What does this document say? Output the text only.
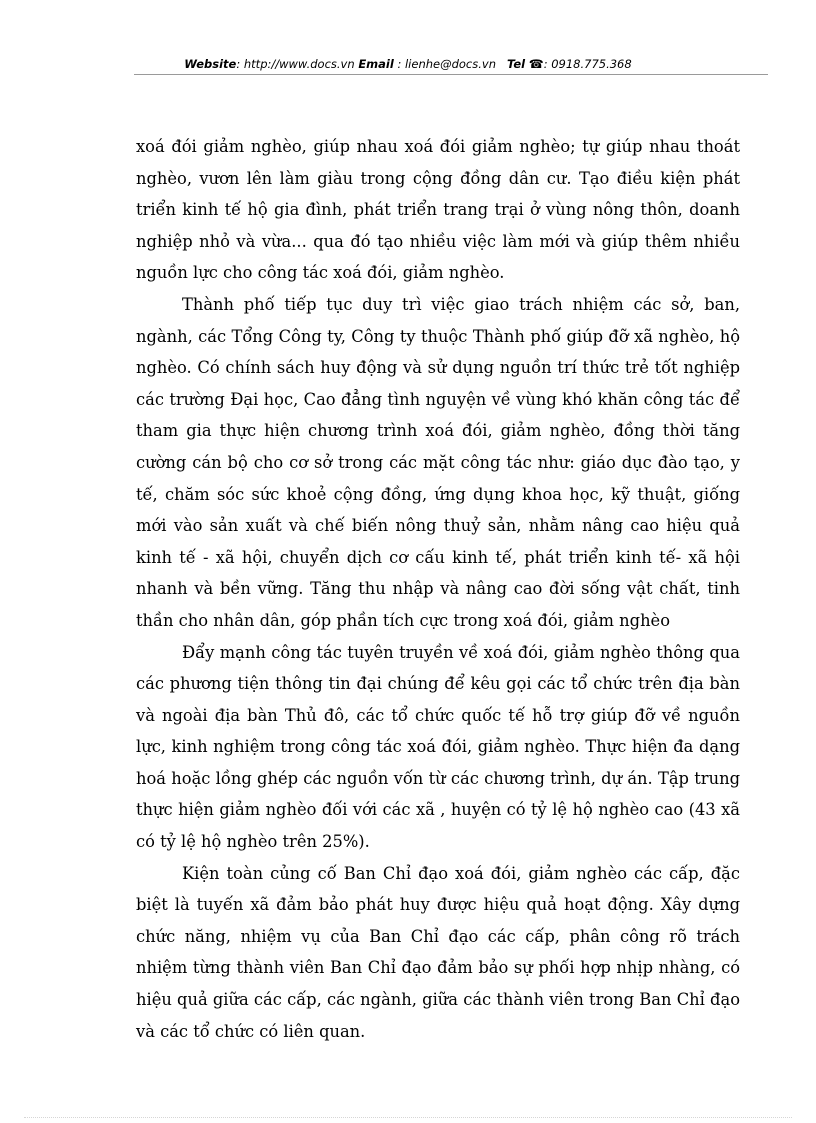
Website: http://www.docs.vn Email : lienhe@docs.vn Tel ☎: 0918.775.368

xoá đói giảm nghèo, giúp nhau xoá đói giảm nghèo; tự giúp nhau thoát nghèo, vươn lên làm giàu trong cộng đồng dân cư. Tạo điều kiện phát triển kinh tế hộ gia đình, phát triển trang trại ở vùng nông thôn, doanh nghiệp nhỏ và vừa... qua đó tạo nhiều việc làm mới và giúp thêm nhiều nguồn lực cho công tác xoá đói, giảm nghèo.

Thành phố tiếp tục duy trì việc giao trách nhiệm các sở, ban, ngành, các Tổng Công ty, Công ty thuộc Thành phố giúp đỡ xã nghèo, hộ nghèo. Có chính sách huy động và sử dụng nguồn trí thức trẻ tốt nghiệp các trường Đại học, Cao đẳng tình nguyện về vùng khó khăn công tác để tham gia thực hiện chương trình xoá đói, giảm nghèo, đồng thời tăng cường cán bộ cho cơ sở trong các mặt công tác như: giáo dục đào tạo, y tế, chăm sóc sức khoẻ cộng đồng, ứng dụng khoa học, kỹ thuật, giống mới vào sản xuất và chế biến nông thuỷ sản, nhằm nâng cao hiệu quả kinh tế - xã hội, chuyển dịch cơ cấu kinh tế, phát triển kinh tế- xã hội nhanh và bền vững. Tăng thu nhập và nâng cao đời sống vật chất, tinh thần cho nhân dân, góp phần tích cực trong xoá đói, giảm nghèo

Đẩy mạnh công tác tuyên truyền về xoá đói, giảm nghèo thông qua các phương tiện thông tin đại chúng để kêu gọi các tổ chức trên địa bàn và ngoài địa bàn Thủ đô, các tổ chức quốc tế hỗ trợ giúp đỡ về nguồn lực, kinh nghiệm trong công tác xoá đói, giảm nghèo. Thực hiện đa dạng hoá hoặc lồng ghép các nguồn vốn từ các chương trình, dự án. Tập trung thực hiện giảm nghèo đối với các xã , huyện có tỷ lệ hộ nghèo cao (43 xã có tỷ lệ hộ nghèo trên 25%).

Kiện toàn củng cố Ban Chỉ đạo xoá đói, giảm nghèo các cấp, đặc biệt là tuyến xã đảm bảo phát huy được hiệu quả hoạt động. Xây dựng chức năng, nhiệm vụ của Ban Chỉ đạo các cấp, phân công rõ trách nhiệm từng thành viên Ban Chỉ đạo đảm bảo sự phối hợp nhịp nhàng, có hiệu quả giữa các cấp, các ngành, giữa các thành viên trong Ban Chỉ đạo và các tổ chức có liên quan.
